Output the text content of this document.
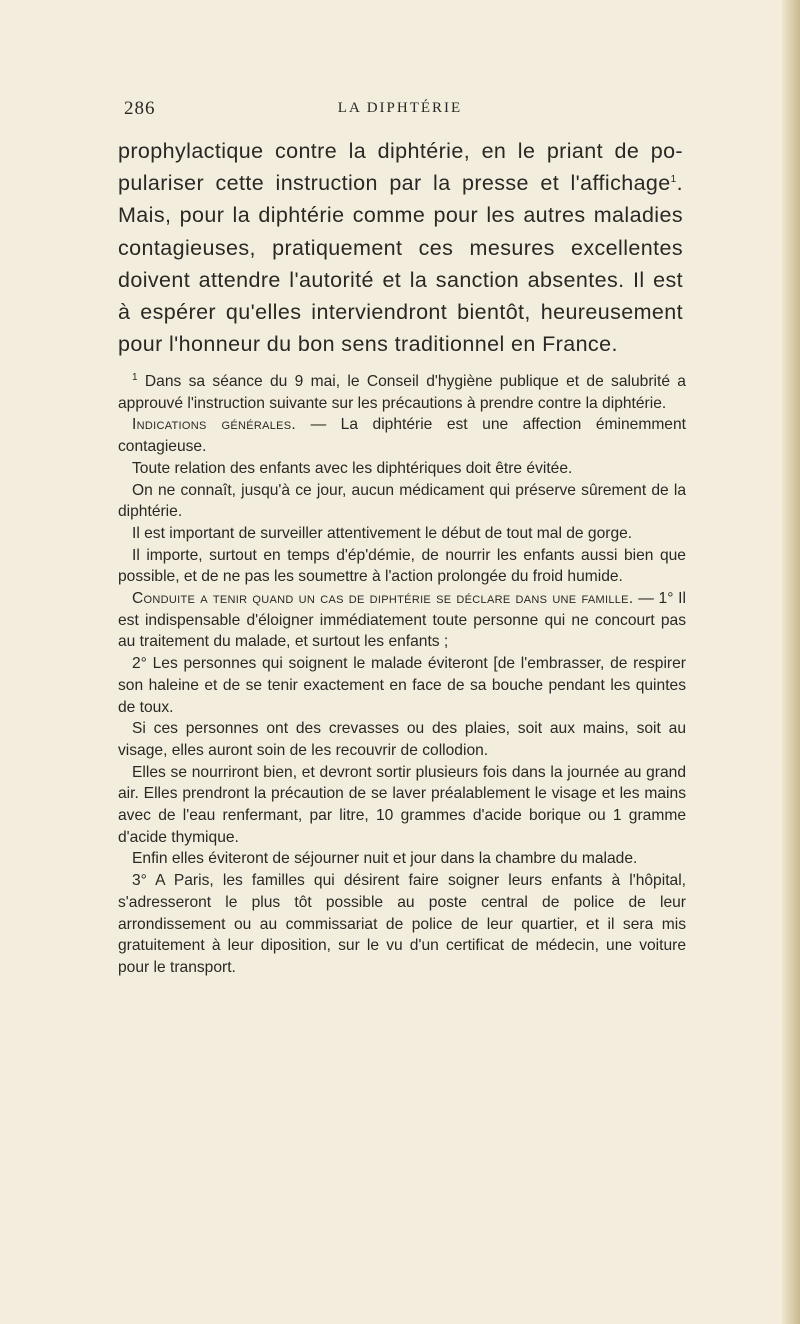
286	LA DIPHTÉRIE
prophylactique contre la diphtérie, en le priant de po-
pulariser cette instruction par la presse et l'affichage$^1$.
Mais, pour la diphtérie comme pour les autres maladies
contagieuses, pratiquement ces mesures excellentes
doivent attendre l'autorité et la sanction absentes. Il est
à espérer qu'elles interviendront bientôt, heureusement
pour l'honneur du bon sens traditionnel en France.

$^1$ Dans sa séance du 9 mai, le Conseil d'hygiène publique et de salubrité a approuvé l'instruction suivante sur les précautions à prendre contre la diphtérie.

Indications générales. — La diphtérie est une affection éminemment contagieuse.

Toute relation des enfants avec les diphtériques doit être évitée.

On ne connaît, jusqu'à ce jour, aucun médicament qui préserve sûrement de la diphtérie.

Il est important de surveiller attentivement le début de tout mal de gorge.

Il importe, surtout en temps d'ép'démie, de nourrir les enfants aussi bien que possible, et de ne pas les soumettre à l'action prolongée du froid humide.

Conduite a tenir quand un cas de diphtérie se déclare dans une famille. — 1° Il est indispensable d'éloigner immédiatement toute personne qui ne concourt pas au traitement du malade, et surtout les enfants ;

2° Les personnes qui soignent le malade éviteront [de l'embrasser, de respirer son haleine et de se tenir exactement en face de sa bouche pendant les quintes de toux.

Si ces personnes ont des crevasses ou des plaies, soit aux mains, soit au visage, elles auront soin de les recouvrir de collodion.

Elles se nourriront bien, et devront sortir plusieurs fois dans la journée au grand air. Elles prendront la précaution de se laver préalablement le visage et les mains avec de l'eau renfermant, par litre, 10 grammes d'acide borique ou 1 gramme d'acide thymique.

Enfin elles éviteront de séjourner nuit et jour dans la chambre du malade.

3° A Paris, les familles qui désirent faire soigner leurs enfants à l'hôpital, s'adresseront le plus tôt possible au poste central de police de leur arrondissement ou au commissariat de police de leur quartier, et il sera mis gratuitement à leur diposition, sur le vu d'un certificat de médecin, une voiture pour le transport.
